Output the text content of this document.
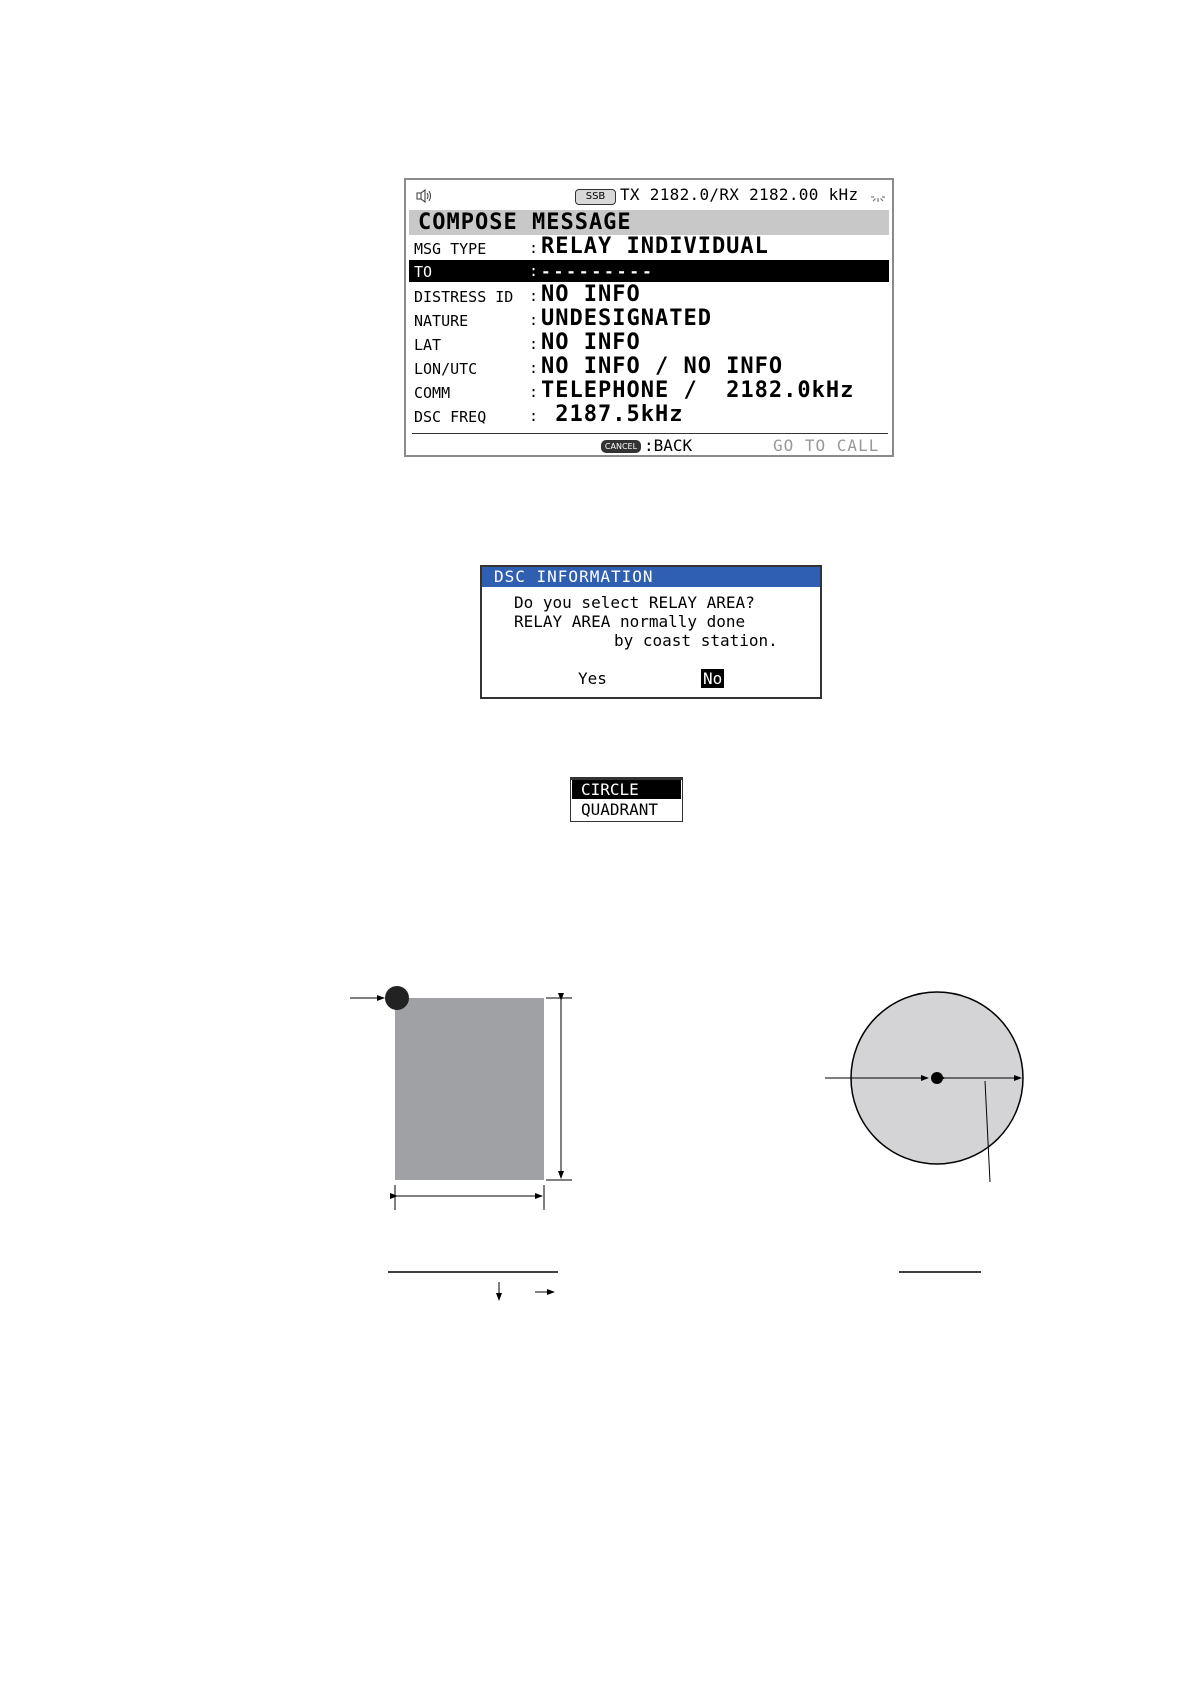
SSB TX 2182.0/RX 2182.00 kHz
COMPOSE MESSAGE
MSG TYPE	: RELAY INDIVIDUAL
TO	: ---------
DISTRESS ID : NO INFO
NATURE	: UNDESIGNATED
LAT	: NO INFO
LON/UTC	: NO INFO / NO INFO
COMM	: TELEPHONE /  2182.0kHz
DSC FREQ	: 2187.5kHz
CANCEL :BACK	GO TO CALL
DSC INFORMATION
Do you select RELAY AREA?
RELAY AREA normally done
by coast station.
Yes	No
CIRCLE
QUADRANT
